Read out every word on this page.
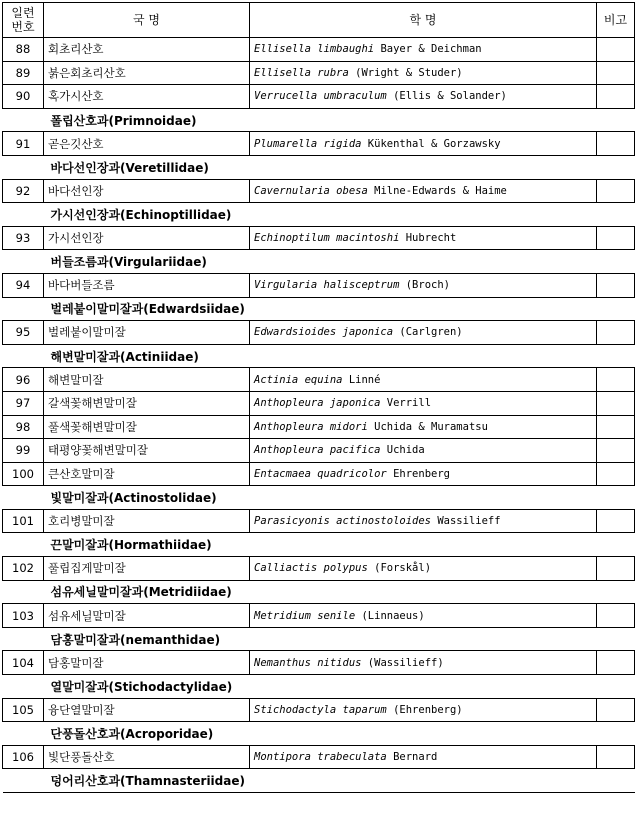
일련
번호	국 명	학 명	비고
88	회초리산호	Ellisella limbaughi Bayer & Deichman	
89	붉은회초리산호	Ellisella rubra (Wright & Studer)	
90	혹가시산호	Verrucella umbraculum (Ellis & Solander)	
폴립산호과(Primnoidae)			
91	곧은깃산호	Plumarella rigida Kükenthal & Gorzawsky	
바다선인장과(Veretillidae)			
92	바다선인장	Cavernularia obesa Milne-Edwards & Haime	
가시선인장과(Echinoptillidae)			
93	가시선인장	Echinoptilum macintoshi Hubrecht	
버들조름과(Virgulariidae)			
94	바다버들조름	Virgularia halisceptrum (Broch)	
벌레붙이말미잘과(Edwardsiidae)			
95	벌레붙이말미잘	Edwardsioides japonica (Carlgren)	
해변말미잘과(Actiniidae)			
96	해변말미잘	Actinia equina Linné	
97	갈색꽃해변말미잘	Anthopleura japonica Verrill	
98	풀색꽃해변말미잘	Anthopleura midori Uchida & Muramatsu	
99	태평양꽃해변말미잘	Anthopleura pacifica Uchida	
100	큰산호말미잘	Entacmaea quadricolor Ehrenberg	
빛말미잘과(Actinostolidae)			
101	호리병말미잘	Parasicyonis actinostoloides Wassilieff	
끈말미잘과(Hormathiidae)			
102	풀립집게말미잘	Calliactis polypus (Forskål)	
섬유세닐말미잘과(Metridiidae)			
103	섬유세닐말미잘	Metridium senile (Linnaeus)	
담홍말미잘과(nemanthidae)			
104	담홍말미잘	Nemanthus nitidus (Wassilieff)	
열말미잘과(Stichodactylidae)			
105	융단열말미잘	Stichodactyla taparum (Ehrenberg)	
단풍돌산호과(Acroporidae)			
106	빛단풍돌산호	Montipora trabeculata Bernard	
덩어리산호과(Thamnasteriidae)			
